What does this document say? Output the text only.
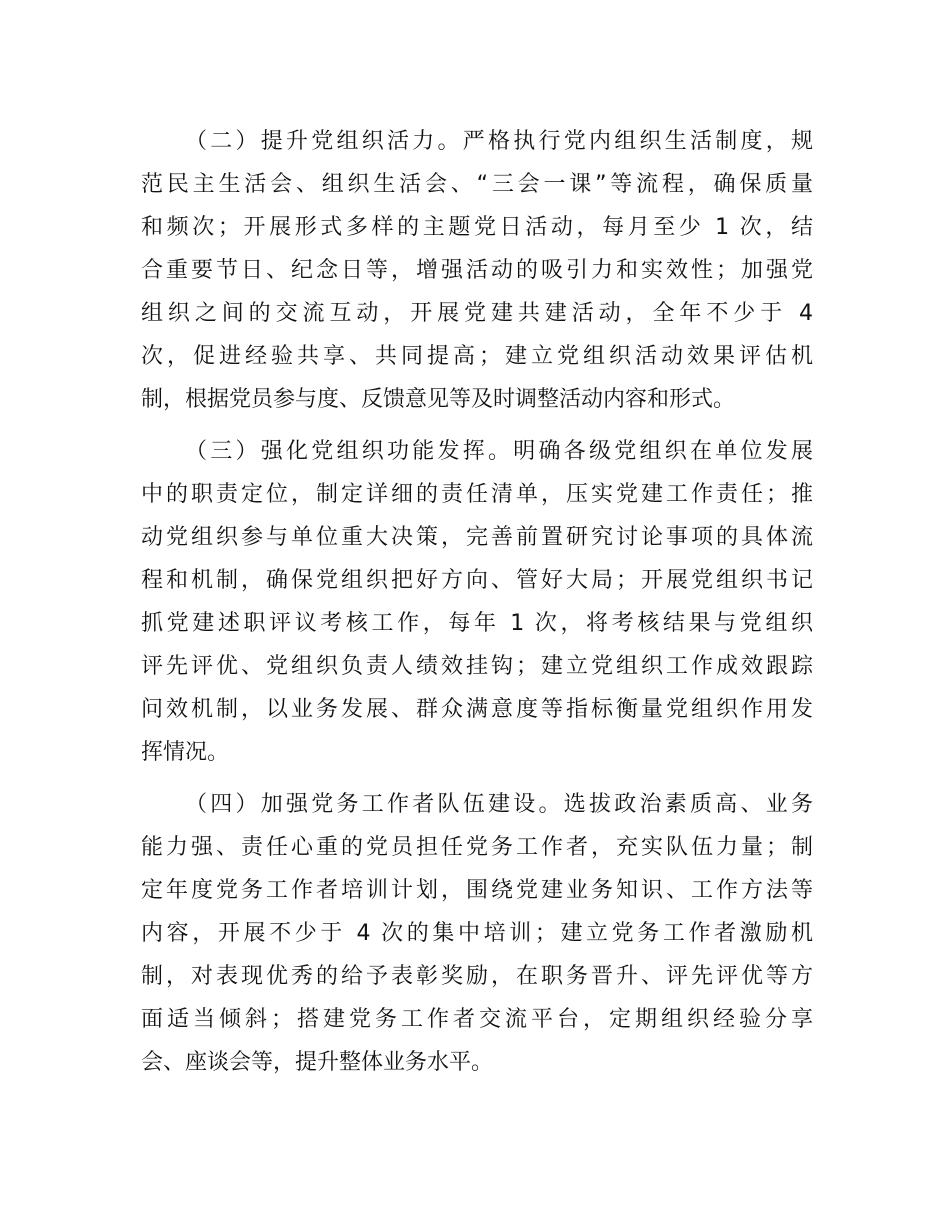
（二）提升党组织活力。严格执行党内组织生活制度，规
范民主生活会、组织生活会、“三会一课”等流程，确保质量
和频次；开展形式多样的主题党日活动，每月至少 1 次，结
合重要节日、纪念日等，增强活动的吸引力和实效性；加强党
组织之间的交流互动，开展党建共建活动，全年不少于 4
次，促进经验共享、共同提高；建立党组织活动效果评估机
制，根据党员参与度、反馈意见等及时调整活动内容和形式。
（三）强化党组织功能发挥。明确各级党组织在单位发展
中的职责定位，制定详细的责任清单，压实党建工作责任；推
动党组织参与单位重大决策，完善前置研究讨论事项的具体流
程和机制，确保党组织把好方向、管好大局；开展党组织书记
抓党建述职评议考核工作，每年 1 次，将考核结果与党组织
评先评优、党组织负责人绩效挂钩；建立党组织工作成效跟踪
问效机制，以业务发展、群众满意度等指标衡量党组织作用发
挥情况。
（四）加强党务工作者队伍建设。选拔政治素质高、业务
能力强、责任心重的党员担任党务工作者，充实队伍力量；制
定年度党务工作者培训计划，围绕党建业务知识、工作方法等
内容，开展不少于 4 次的集中培训；建立党务工作者激励机
制，对表现优秀的给予表彰奖励，在职务晋升、评先评优等方
面适当倾斜；搭建党务工作者交流平台，定期组织经验分享
会、座谈会等，提升整体业务水平。
